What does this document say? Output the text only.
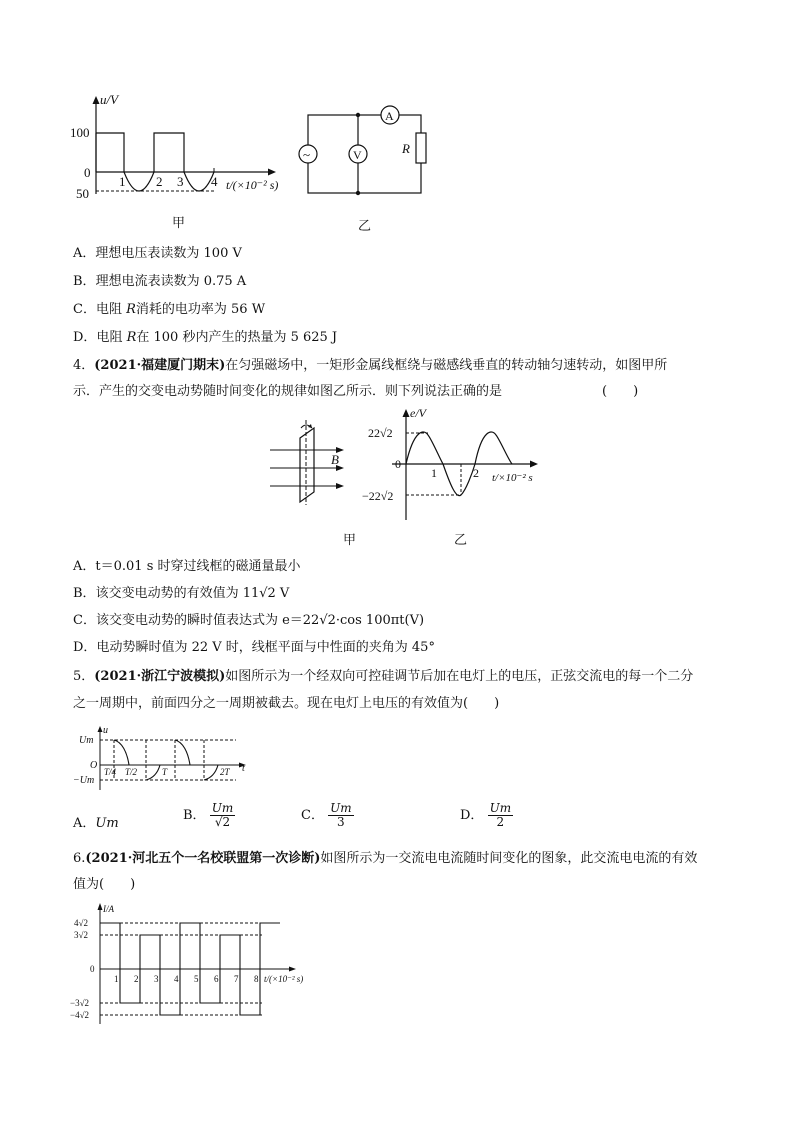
u/V
100
0
50
1 2 3 4 t/(×10⁻² s)
~	V
A
R
甲	乙
A．理想电压表读数为 100 V
B．理想电流表读数为 0.75 A
C．电阻 R消耗的电功率为 56 W
D．电阻 R在 100 秒内产生的热量为 5 625 J
4．(2021·福建厦门期末)在匀强磁场中，一矩形金属线框绕与磁感线垂直的转动轴匀速转动，如图甲所
示．产生的交变电动势随时间变化的规律如图乙所示．则下列说法正确的是	(　　)
B
e/V
22√2
0
−22√2
1	2 t/×10⁻² s
甲	乙
A．t＝0.01 s 时穿过线框的磁通量最小
B．该交变电动势的有效值为 11√2 V
C．该交变电动势的瞬时值表达式为 e＝22√2·cos 100πt(V)
D．电动势瞬时值为 22 V 时，线框平面与中性面的夹角为 45°
5．(2021·浙江宁波模拟)如图所示为一个经双向可控硅调节后加在电灯上的电压，正弦交流电的每一个二分
之一周期中，前面四分之一周期被截去。现在电灯上电压的有效值为(　　)
u
Um
O
−Um
T/4 T/2	T	2T t
A．Um
B． $\frac{Um}{√2}$	C． $\frac{Um}{3}$	D． $\frac{Um}{2}$
6.(2021·河北五个一名校联盟第一次诊断)如图所示为一交流电电流随时间变化的图象，此交流电电流的有效
值为(　　)
I/A
4√2
3√2
0
−3√2
−4√2
1 2 3 4 5 6 7 8 t/(×10⁻² s)
